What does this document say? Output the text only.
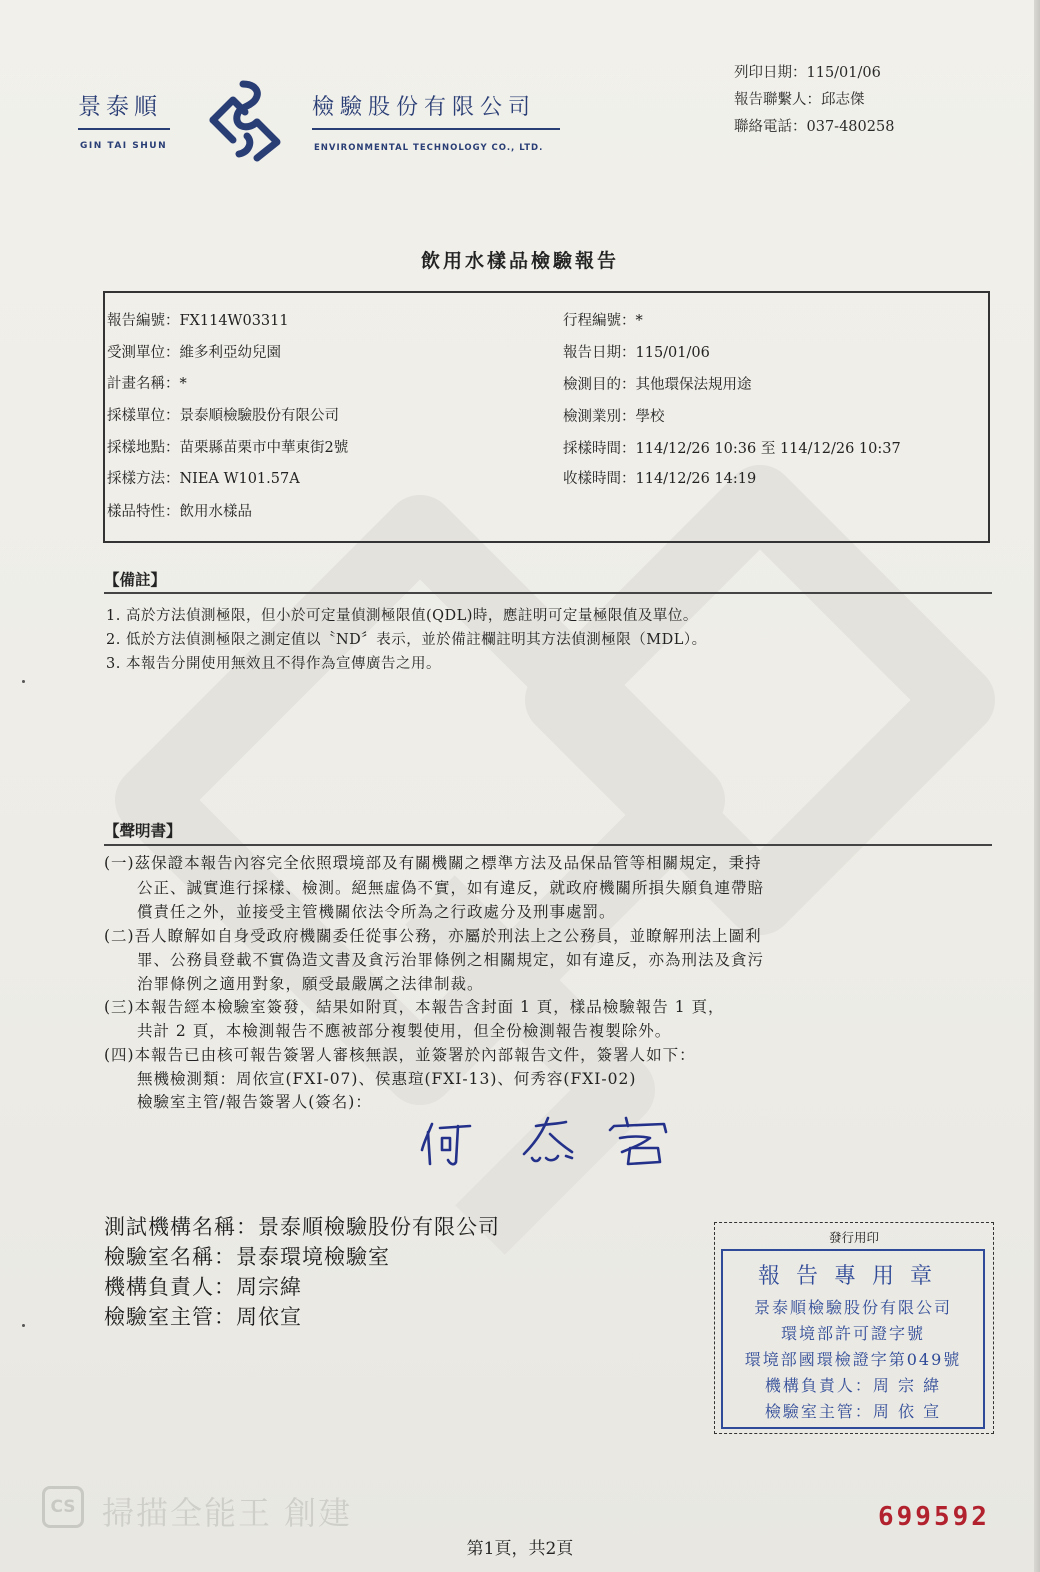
景泰順
GIN TAI SHUN
檢驗股份有限公司
ENVIRONMENTAL TECHNOLOGY CO., LTD.
列印日期：115/01/06
報告聯繫人：邱志傑
聯絡電話：037-480258
飲用水樣品檢驗報告
報告編號：FX114W03311
受測單位：維多利亞幼兒園
計畫名稱：*
採樣單位：景泰順檢驗股份有限公司
採樣地點：苗栗縣苗栗市中華東街2號
採樣方法：NIEA W101.57A
樣品特性：飲用水樣品
行程編號：*
報告日期：115/01/06
檢測目的：其他環保法規用途
檢測業別：學校
採樣時間：114/12/26 10:36 至 114/12/26 10:37
收樣時間：114/12/26 14:19
【備註】
1. 高於方法偵測極限，但小於可定量偵測極限值(QDL)時，應註明可定量極限值及單位。
2. 低於方法偵測極限之測定值以〝ND〞表示，並於備註欄註明其方法偵測極限（MDL）。
3. 本報告分開使用無效且不得作為宣傳廣告之用。
【聲明書】
(一)茲保證本報告內容完全依照環境部及有關機關之標準方法及品保品管等相關規定，秉持
　　公正、誠實進行採樣、檢測。絕無虛偽不實，如有違反，就政府機關所損失願負連帶賠
　　償責任之外，並接受主管機關依法令所為之行政處分及刑事處罰。
(二)吾人瞭解如自身受政府機關委任從事公務，亦屬於刑法上之公務員，並瞭解刑法上圖利
　　罪、公務員登載不實偽造文書及貪污治罪條例之相關規定，如有違反，亦為刑法及貪污
　　治罪條例之適用對象，願受最嚴厲之法律制裁。
(三)本報告經本檢驗室簽發，結果如附頁，本報告含封面 1 頁，樣品檢驗報告 1 頁，
　　共計 2 頁，本檢測報告不應被部分複製使用，但全份檢測報告複製除外。
(四)本報告已由核可報告簽署人審核無誤，並簽署於內部報告文件，簽署人如下：
　　無機檢測類：周依宣(FXI-07)、侯惠瑄(FXI-13)、何秀容(FXI-02)
　　檢驗室主管/報告簽署人(簽名)：
測試機構名稱：景泰順檢驗股份有限公司
檢驗室名稱：景泰環境檢驗室
機構負責人：周宗緯
檢驗室主管：周依宣
發行用印
報告專用章
景泰順檢驗股份有限公司
環境部許可證字號
環境部國環檢證字第049號
機構負責人：周 宗 緯
檢驗室主管：周 依 宣
CS 掃描全能王 創建	699592
第1頁，共2頁
